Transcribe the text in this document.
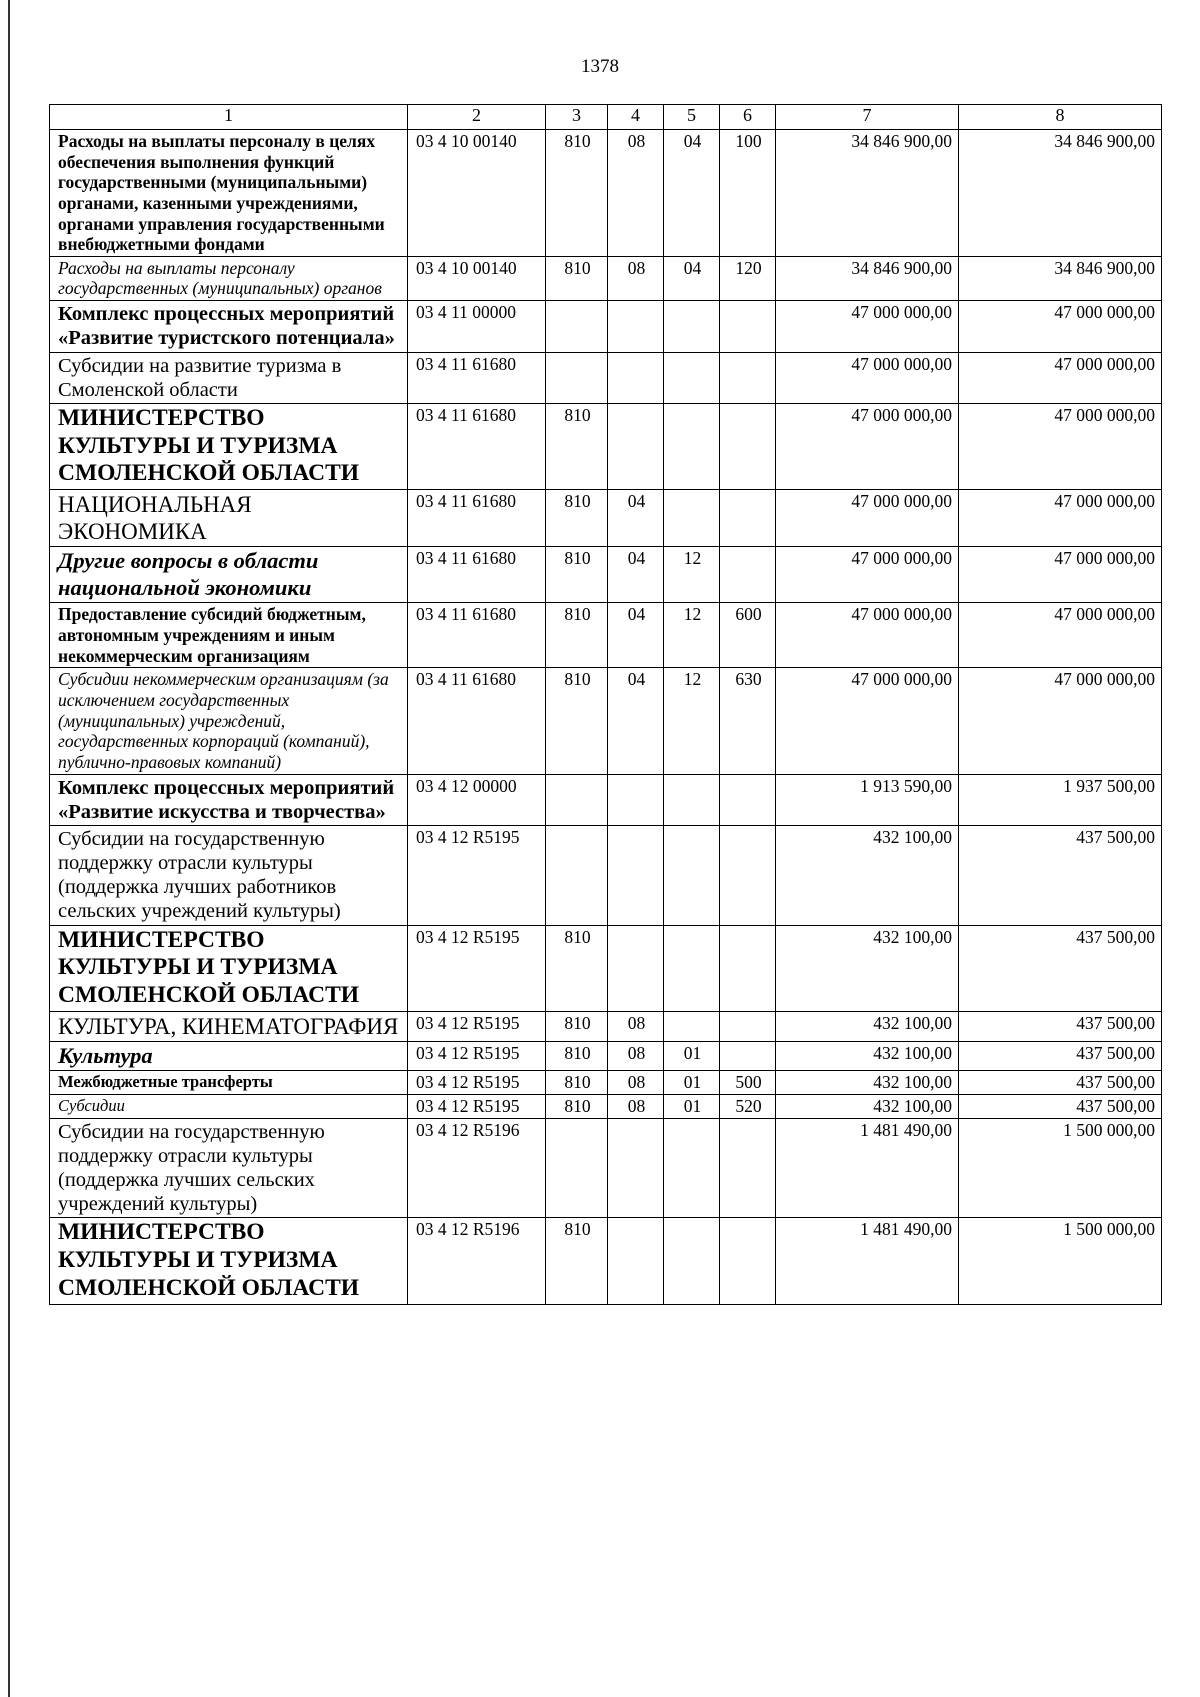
1378
1	2	3	4	5	6	7	8
Расходы на выплаты персоналу в целях обеспечения выполнения функций государственными (муниципальными) органами, казенными учреждениями, органами управления государственными внебюджетными фондами	03 4 10 00140	810	08	04	100	34 846 900,00	34 846 900,00
Расходы на выплаты персоналу государственных (муниципальных) органов	03 4 10 00140	810	08	04	120	34 846 900,00	34 846 900,00
Комплекс процессных мероприятий «Развитие туристского потенциала»	03 4 11 00000					47 000 000,00	47 000 000,00
Субсидии на развитие туризма в Смоленской области	03 4 11 61680					47 000 000,00	47 000 000,00
МИНИСТЕРСТВО КУЛЬТУРЫ И ТУРИЗМА СМОЛЕНСКОЙ ОБЛАСТИ	03 4 11 61680	810				47 000 000,00	47 000 000,00
НАЦИОНАЛЬНАЯ ЭКОНОМИКА	03 4 11 61680	810	04			47 000 000,00	47 000 000,00
Другие вопросы в области национальной экономики	03 4 11 61680	810	04	12		47 000 000,00	47 000 000,00
Предоставление субсидий бюджетным, автономным учреждениям и иным некоммерческим организациям	03 4 11 61680	810	04	12	600	47 000 000,00	47 000 000,00
Субсидии некоммерческим организациям (за исключением государственных (муниципальных) учреждений, государственных корпораций (компаний), публично-правовых компаний)	03 4 11 61680	810	04	12	630	47 000 000,00	47 000 000,00
Комплекс процессных мероприятий «Развитие искусства и творчества»	03 4 12 00000					1 913 590,00	1 937 500,00
Субсидии на государственную поддержку отрасли культуры (поддержка лучших работников сельских учреждений культуры)	03 4 12 R5195					432 100,00	437 500,00
МИНИСТЕРСТВО КУЛЬТУРЫ И ТУРИЗМА СМОЛЕНСКОЙ ОБЛАСТИ	03 4 12 R5195	810				432 100,00	437 500,00
КУЛЬТУРА, КИНЕМАТОГРАФИЯ	03 4 12 R5195	810	08			432 100,00	437 500,00
Культура	03 4 12 R5195	810	08	01		432 100,00	437 500,00
Межбюджетные трансферты	03 4 12 R5195	810	08	01	500	432 100,00	437 500,00
Субсидии	03 4 12 R5195	810	08	01	520	432 100,00	437 500,00
Субсидии на государственную поддержку отрасли культуры (поддержка лучших сельских учреждений культуры)	03 4 12 R5196					1 481 490,00	1 500 000,00
МИНИСТЕРСТВО КУЛЬТУРЫ И ТУРИЗМА СМОЛЕНСКОЙ ОБЛАСТИ	03 4 12 R5196	810				1 481 490,00	1 500 000,00
